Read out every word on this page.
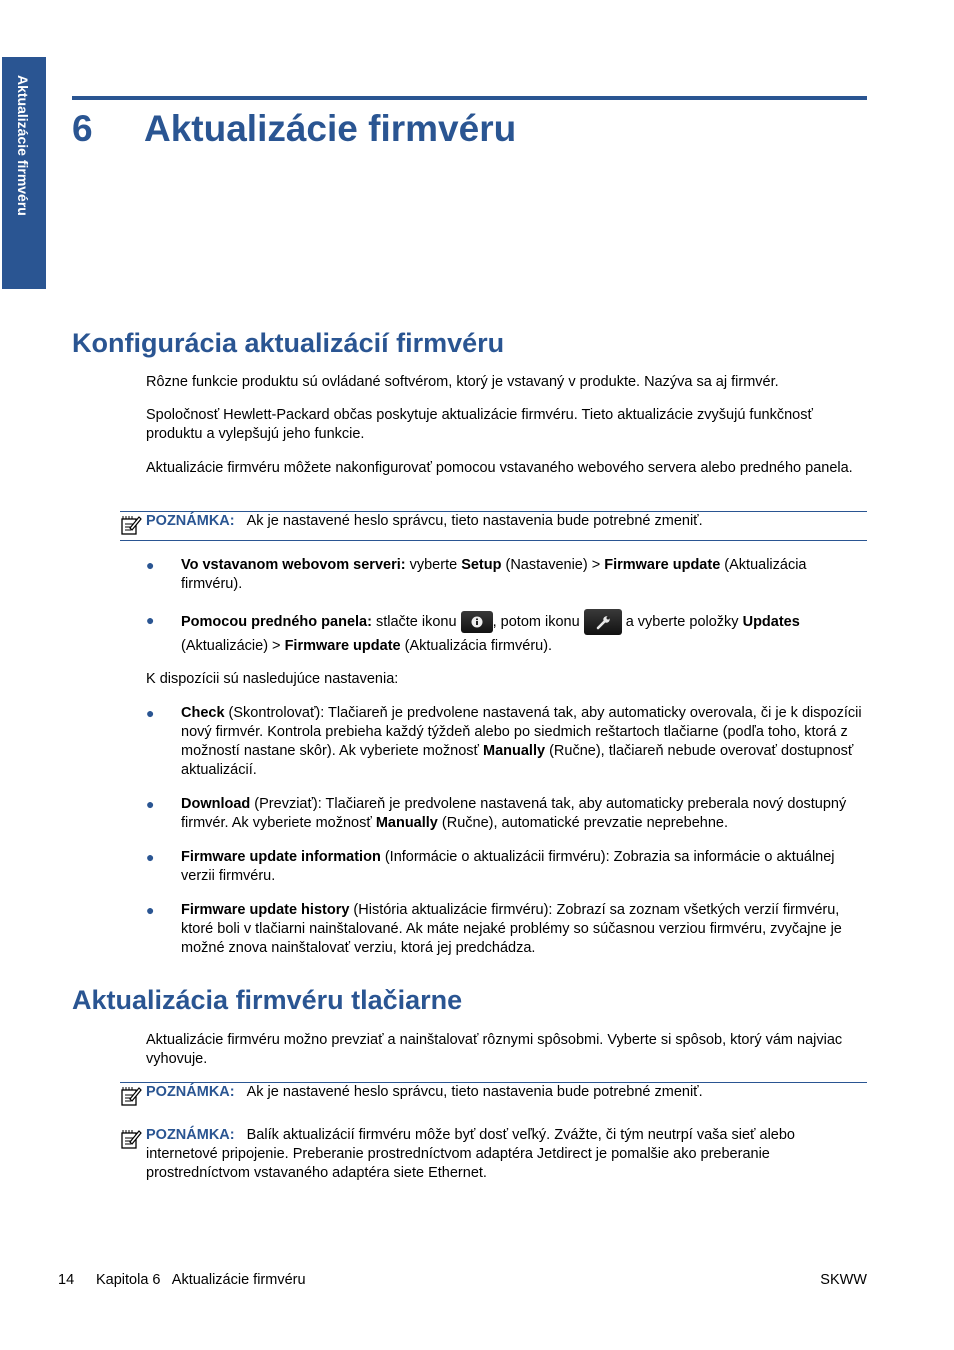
Aktualizácie firmvéru 6 Aktualizácie firmvéru
Konfigurácia aktualizácií firmvéru

Rôzne funkcie produktu sú ovládané softvérom, ktorý je vstavaný v produkte. Nazýva sa aj firmvér.

Spoločnosť Hewlett-Packard občas poskytuje aktualizácie firmvéru. Tieto aktualizácie zvyšujú funkčnosť produktu a vylepšujú jeho funkcie.

Aktualizácie firmvéru môžete nakonfigurovať pomocou vstavaného webového servera alebo predného panela.

POZNÁMKA: Ak je nastavené heslo správcu, tieto nastavenia bude potrebné zmeniť.
● Vo vstavanom webovom serveri: vyberte Setup (Nastavenie) > Firmware update (Aktualizácia firmvéru).
● Pomocou predného panela: stlačte ikonu , potom ikonu	a vyberte položky Updates
(Aktualizácie) > Firmware update (Aktualizácia firmvéru).

K dispozícii sú nasledujúce nastavenia:

● Check (Skontrolovať): Tlačiareň je predvolene nastavená tak, aby automaticky overovala, či je k dispozícii nový firmvér. Kontrola prebieha každý týždeň alebo po siedmich reštartoch tlačiarne (podľa toho, ktorá z možností nastane skôr). Ak vyberiete možnosť Manually (Ručne), tlačiareň nebude overovať dostupnosť aktualizácií.
● Download (Prevziať): Tlačiareň je predvolene nastavená tak, aby automaticky preberala nový dostupný firmvér. Ak vyberiete možnosť Manually (Ručne), automatické prevzatie neprebehne.
● Firmware update information (Informácie o aktualizácii firmvéru): Zobrazia sa informácie o aktuálnej verzii firmvéru.
● Firmware update history (História aktualizácie firmvéru): Zobrazí sa zoznam všetkých verzií firmvéru, ktoré boli v tlačiarni nainštalované. Ak máte nejaké problémy so súčasnou verziou firmvéru, zvyčajne je možné znova nainštalovať verziu, ktorá jej predchádza.
Aktualizácia firmvéru tlačiarne

Aktualizácie firmvéru možno prevziať a nainštalovať rôznymi spôsobmi. Vyberte si spôsob, ktorý vám najviac vyhovuje.

POZNÁMKA: Ak je nastavené heslo správcu, tieto nastavenia bude potrebné zmeniť.
POZNÁMKA: Balík aktualizácií firmvéru môže byť dosť veľký. Zvážte, či tým neutrpí vaša sieť alebo internetové pripojenie. Preberanie prostredníctvom adaptéra Jetdirect je pomalšie ako preberanie prostredníctvom vstavaného adaptéra siete Ethernet.
14 Kapitola 6   Aktualizácie firmvéru	SKWW
